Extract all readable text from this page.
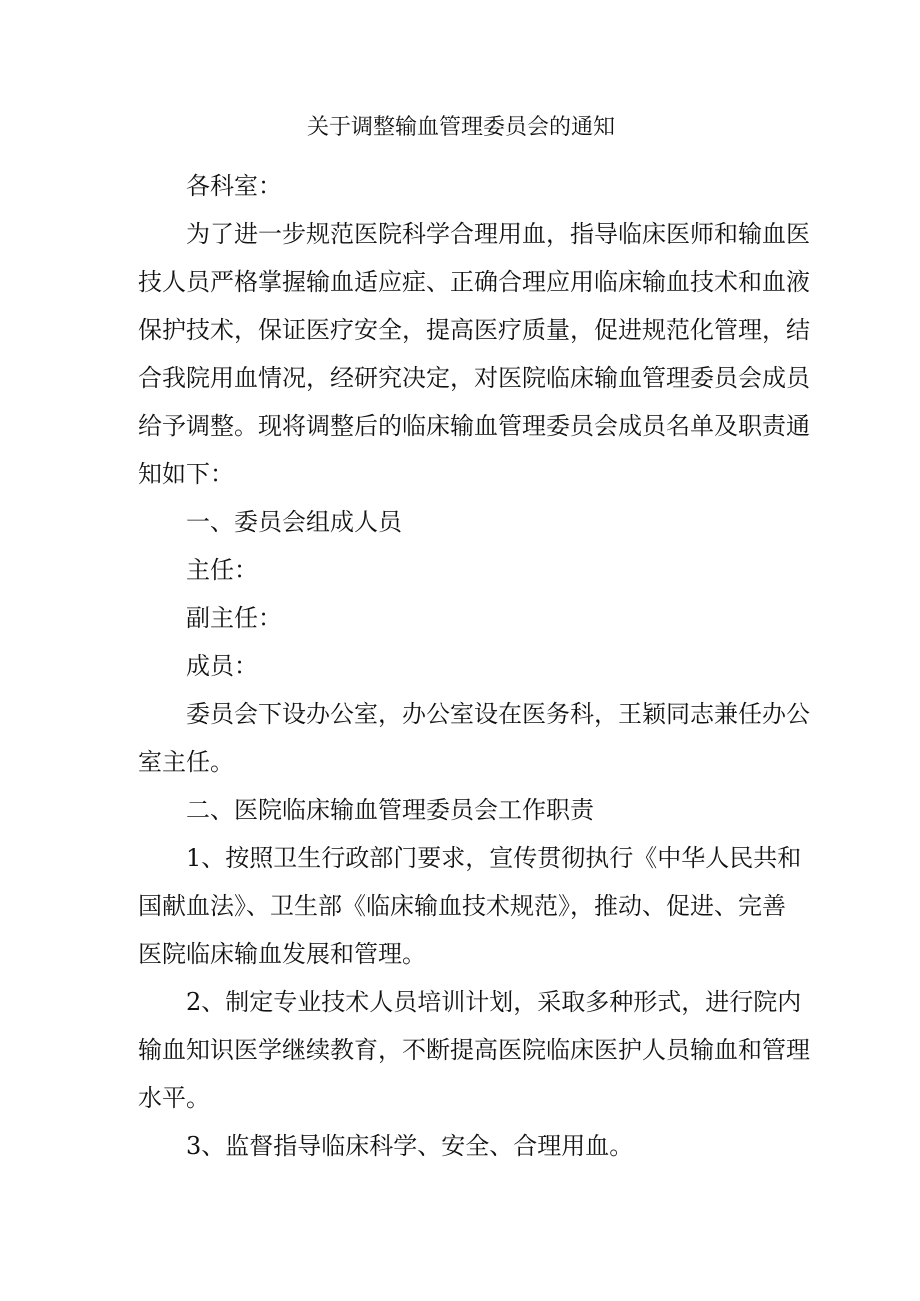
关于调整输血管理委员会的通知

各科室：

为了进一步规范医院科学合理用血，指导临床医师和输血医

技人员严格掌握输血适应症、正确合理应用临床输血技术和血液

保护技术，保证医疗安全，提高医疗质量，促进规范化管理，结

合我院用血情况，经研究决定，对医院临床输血管理委员会成员

给予调整。现将调整后的临床输血管理委员会成员名单及职责通

知如下：

一、委员会组成人员

主任：

副主任：

成员：

委员会下设办公室，办公室设在医务科，王颖同志兼任办公

室主任。

二、医院临床输血管理委员会工作职责

1、按照卫生行政部门要求，宣传贯彻执行《中华人民共和

国献血法》、卫生部《临床输血技术规范》，推动、促进、完善

医院临床输血发展和管理。

2、制定专业技术人员培训计划，采取多种形式，进行院内

输血知识医学继续教育，不断提高医院临床医护人员输血和管理

水平。

3、监督指导临床科学、安全、合理用血。
